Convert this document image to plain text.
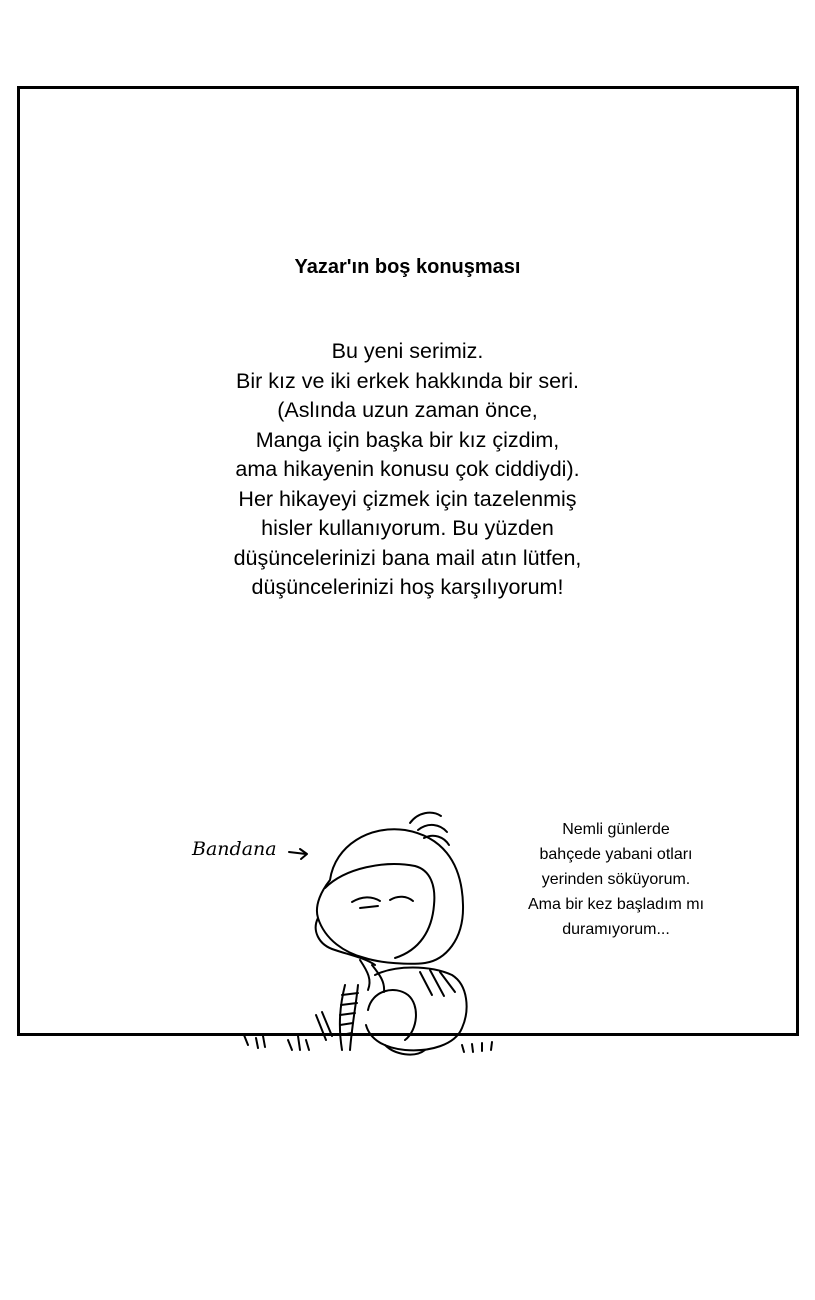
Yazar'ın boş konuşması
Bu yeni serimiz.
Bir kız ve iki erkek hakkında bir seri.
(Aslında uzun zaman önce,
Manga için başka bir kız çizdim,
ama hikayenin konusu çok ciddiydi).
Her hikayeyi çizmek için tazelenmiş
hisler kullanıyorum. Bu yüzden
düşüncelerinizi bana mail atın lütfen,
düşüncelerinizi hoş karşılıyorum!
Bandana
Nemli günlerde
bahçede yabani otları
yerinden söküyorum.
Ama bir kez başladım mı
duramıyorum...
